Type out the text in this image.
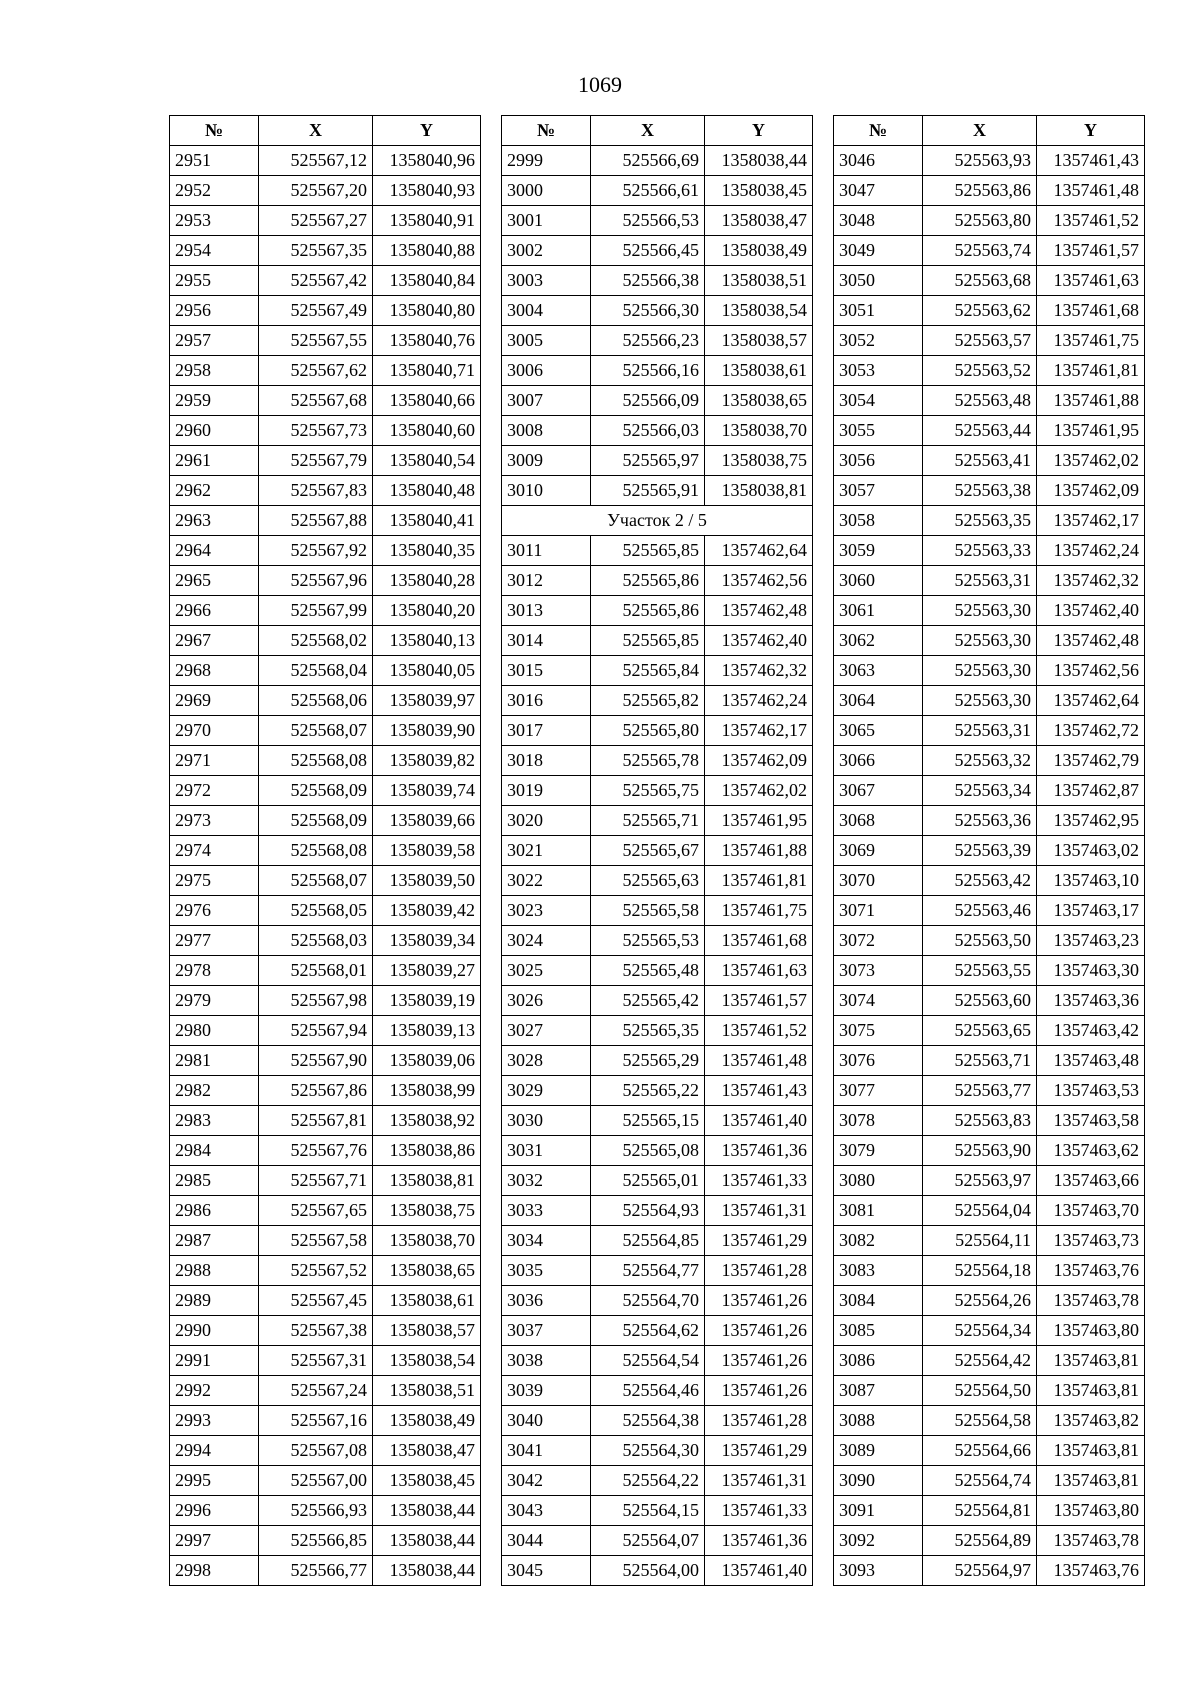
1069
№	X	Y
2951	525567,12	1358040,96
2952	525567,20	1358040,93
2953	525567,27	1358040,91
2954	525567,35	1358040,88
2955	525567,42	1358040,84
2956	525567,49	1358040,80
2957	525567,55	1358040,76
2958	525567,62	1358040,71
2959	525567,68	1358040,66
2960	525567,73	1358040,60
2961	525567,79	1358040,54
2962	525567,83	1358040,48
2963	525567,88	1358040,41
2964	525567,92	1358040,35
2965	525567,96	1358040,28
2966	525567,99	1358040,20
2967	525568,02	1358040,13
2968	525568,04	1358040,05
2969	525568,06	1358039,97
2970	525568,07	1358039,90
2971	525568,08	1358039,82
2972	525568,09	1358039,74
2973	525568,09	1358039,66
2974	525568,08	1358039,58
2975	525568,07	1358039,50
2976	525568,05	1358039,42
2977	525568,03	1358039,34
2978	525568,01	1358039,27
2979	525567,98	1358039,19
2980	525567,94	1358039,13
2981	525567,90	1358039,06
2982	525567,86	1358038,99
2983	525567,81	1358038,92
2984	525567,76	1358038,86
2985	525567,71	1358038,81
2986	525567,65	1358038,75
2987	525567,58	1358038,70
2988	525567,52	1358038,65
2989	525567,45	1358038,61
2990	525567,38	1358038,57
2991	525567,31	1358038,54
2992	525567,24	1358038,51
2993	525567,16	1358038,49
2994	525567,08	1358038,47
2995	525567,00	1358038,45
2996	525566,93	1358038,44
2997	525566,85	1358038,44
2998	525566,77	1358038,44
№	X	Y
2999	525566,69	1358038,44
3000	525566,61	1358038,45
3001	525566,53	1358038,47
3002	525566,45	1358038,49
3003	525566,38	1358038,51
3004	525566,30	1358038,54
3005	525566,23	1358038,57
3006	525566,16	1358038,61
3007	525566,09	1358038,65
3008	525566,03	1358038,70
3009	525565,97	1358038,75
3010	525565,91	1358038,81
Участок 2 / 5		
3011	525565,85	1357462,64
3012	525565,86	1357462,56
3013	525565,86	1357462,48
3014	525565,85	1357462,40
3015	525565,84	1357462,32
3016	525565,82	1357462,24
3017	525565,80	1357462,17
3018	525565,78	1357462,09
3019	525565,75	1357462,02
3020	525565,71	1357461,95
3021	525565,67	1357461,88
3022	525565,63	1357461,81
3023	525565,58	1357461,75
3024	525565,53	1357461,68
3025	525565,48	1357461,63
3026	525565,42	1357461,57
3027	525565,35	1357461,52
3028	525565,29	1357461,48
3029	525565,22	1357461,43
3030	525565,15	1357461,40
3031	525565,08	1357461,36
3032	525565,01	1357461,33
3033	525564,93	1357461,31
3034	525564,85	1357461,29
3035	525564,77	1357461,28
3036	525564,70	1357461,26
3037	525564,62	1357461,26
3038	525564,54	1357461,26
3039	525564,46	1357461,26
3040	525564,38	1357461,28
3041	525564,30	1357461,29
3042	525564,22	1357461,31
3043	525564,15	1357461,33
3044	525564,07	1357461,36
3045	525564,00	1357461,40
№	X	Y
3046	525563,93	1357461,43
3047	525563,86	1357461,48
3048	525563,80	1357461,52
3049	525563,74	1357461,57
3050	525563,68	1357461,63
3051	525563,62	1357461,68
3052	525563,57	1357461,75
3053	525563,52	1357461,81
3054	525563,48	1357461,88
3055	525563,44	1357461,95
3056	525563,41	1357462,02
3057	525563,38	1357462,09
3058	525563,35	1357462,17
3059	525563,33	1357462,24
3060	525563,31	1357462,32
3061	525563,30	1357462,40
3062	525563,30	1357462,48
3063	525563,30	1357462,56
3064	525563,30	1357462,64
3065	525563,31	1357462,72
3066	525563,32	1357462,79
3067	525563,34	1357462,87
3068	525563,36	1357462,95
3069	525563,39	1357463,02
3070	525563,42	1357463,10
3071	525563,46	1357463,17
3072	525563,50	1357463,23
3073	525563,55	1357463,30
3074	525563,60	1357463,36
3075	525563,65	1357463,42
3076	525563,71	1357463,48
3077	525563,77	1357463,53
3078	525563,83	1357463,58
3079	525563,90	1357463,62
3080	525563,97	1357463,66
3081	525564,04	1357463,70
3082	525564,11	1357463,73
3083	525564,18	1357463,76
3084	525564,26	1357463,78
3085	525564,34	1357463,80
3086	525564,42	1357463,81
3087	525564,50	1357463,81
3088	525564,58	1357463,82
3089	525564,66	1357463,81
3090	525564,74	1357463,81
3091	525564,81	1357463,80
3092	525564,89	1357463,78
3093	525564,97	1357463,76
